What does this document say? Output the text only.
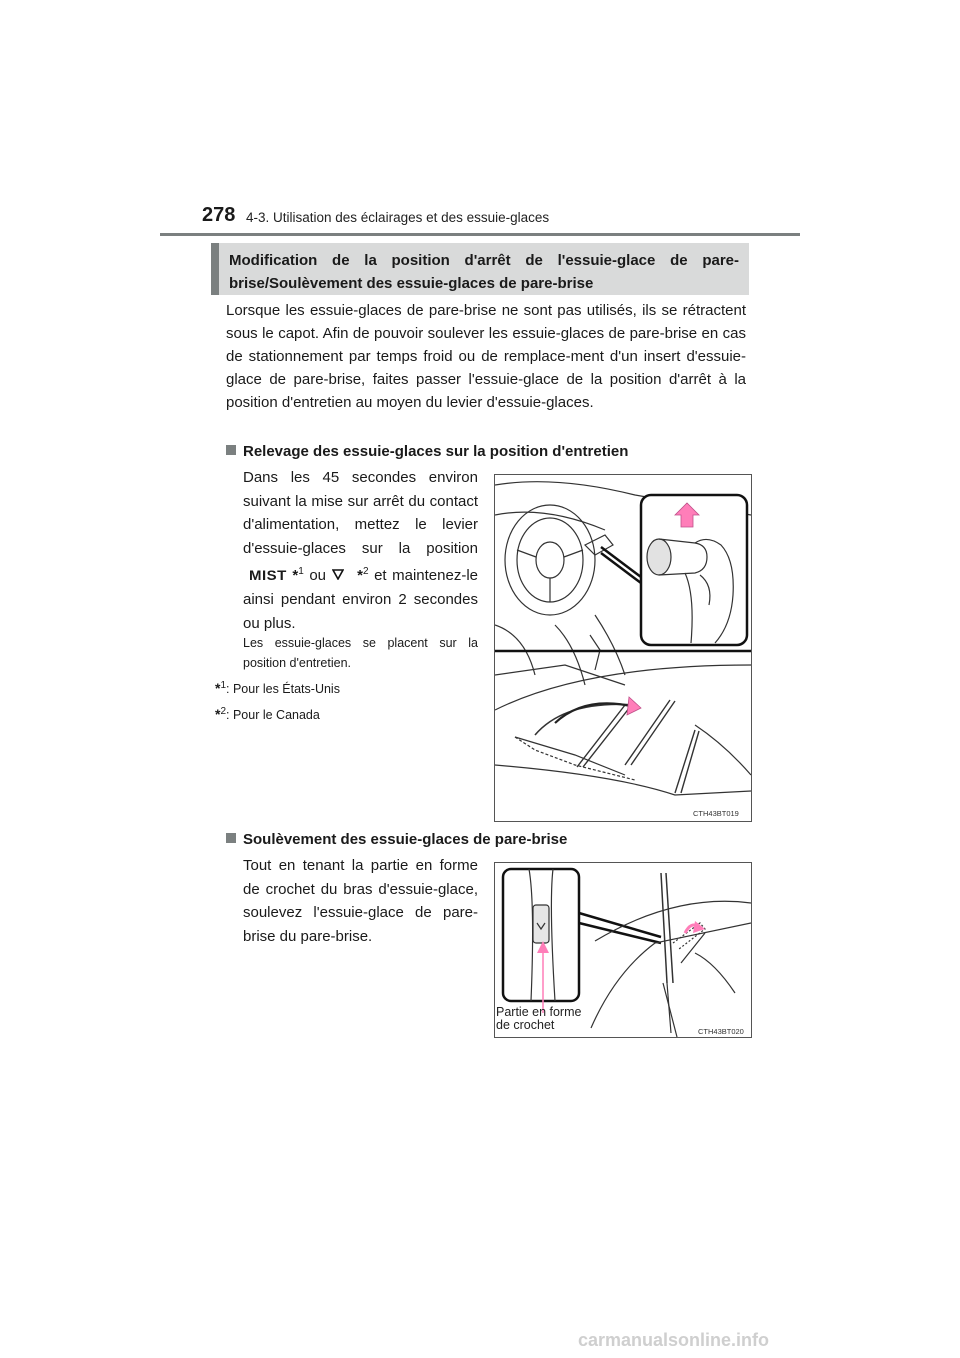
278 4-3. Utilisation des éclairages et des essuie-glaces
Modification de la position d'arrêt de l'essuie-glace de pare-brise/Soulèvement des essuie-glaces de pare-brise
Lorsque les essuie-glaces de pare-brise ne sont pas utilisés, ils se rétractent sous le capot. Afin de pouvoir soulever les essuie-glaces de pare-brise en cas de stationnement par temps froid ou de remplace-ment d'un insert d'essuie-glace de pare-brise, faites passer l'essuie-glace de la position d'arrêt à la position d'entretien au moyen du levier d'essuie-glaces.
Relevage des essuie-glaces sur la position d'entretien
Dans les 45 secondes environ suivant la mise sur arrêt du contact d'alimentation, mettez le levier d'essuie-glaces sur la position MIST *$^1$ ou *$^2$ et maintenez-le ainsi pendant environ 2 secondes ou plus.
Les essuie-glaces se placent sur la position d'entretien.
*$^1$: Pour les États-Unis
*$^2$: Pour le Canada
CTH43BT019
Soulèvement des essuie-glaces de pare-brise
Tout en tenant la partie en forme de crochet du bras d'essuie-glace, soulevez l'essuie-glace de pare-brise du pare-brise.
CTH43BT020
Partie en forme
de crochet
carmanualsonline.info
